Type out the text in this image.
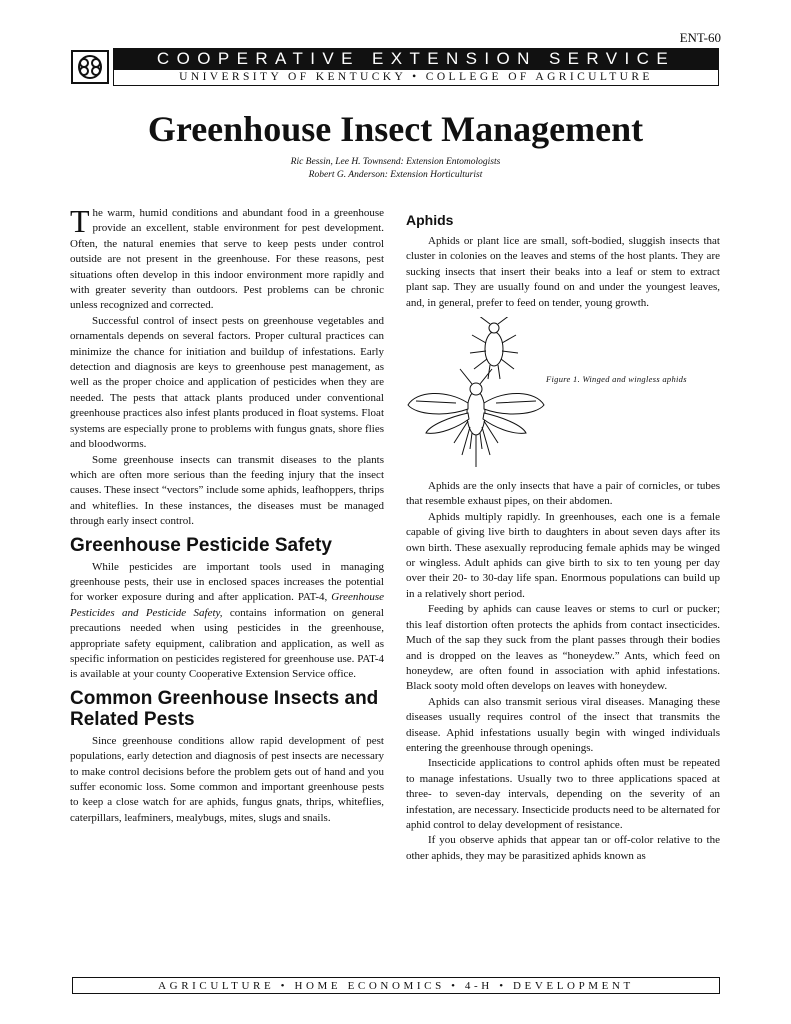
ENT-60
COOPERATIVE EXTENSION SERVICE
UNIVERSITY OF KENTUCKY • COLLEGE OF AGRICULTURE
Greenhouse Insect Management
Ric Bessin, Lee H. Townsend: Extension Entomologists
Robert G. Anderson: Extension Horticulturist

The warm, humid conditions and abundant food in a greenhouse provide an excellent, stable environment for pest development. Often, the natural enemies that serve to keep pests under control outside are not present in the greenhouse. For these reasons, pest situations often develop in this indoor environment more rapidly and with greater severity than outdoors. Pest problems can be chronic unless recognized and corrected.

Successful control of insect pests on greenhouse vegetables and ornamentals depends on several factors. Proper cultural practices can minimize the chance for initiation and buildup of infestations. Early detection and diagnosis are keys to greenhouse pest management, as well as the proper choice and application of pesticides when they are needed. The pests that attack plants produced under conventional greenhouse practices also infest plants produced in float systems. Float systems are especially prone to problems with fungus gnats, shore flies and bloodworms.

Some greenhouse insects can transmit diseases to the plants which are often more serious than the feeding injury that the insect causes. These insect “vectors” include some aphids, leafhoppers, thrips and whiteflies. In these instances, the diseases must be managed through early insect control.

Greenhouse Pesticide Safety

While pesticides are important tools used in managing greenhouse pests, their use in enclosed spaces increases the potential for worker exposure during and after application. PAT-4, Greenhouse Pesticides and Pesticide Safety, contains information on general precautions needed when using pesticides in the greenhouse, appropriate safety equipment, calibration and application, as well as specific information on pesticides registered for greenhouse use. PAT-4 is available at your county Cooperative Extension Service office.

Common Greenhouse Insects and Related Pests

Since greenhouse conditions allow rapid development of pest populations, early detection and diagnosis of pest insects are necessary to make control decisions before the problem gets out of hand and you suffer economic loss. Some common and important greenhouse pests to keep a close watch for are aphids, fungus gnats, thrips, whiteflies, caterpillars, leafminers, mealybugs, mites, slugs and snails.

Aphids

Aphids or plant lice are small, soft-bodied, sluggish insects that cluster in colonies on the leaves and stems of the host plants. They are sucking insects that insert their beaks into a leaf or stem to extract plant sap. They are usually found on and under the youngest leaves, and, in general, prefer to feed on tender, young growth.

Figure 1. Winged and wingless aphids

Aphids are the only insects that have a pair of cornicles, or tubes that resemble exhaust pipes, on their abdomen.

Aphids multiply rapidly. In greenhouses, each one is a female capable of giving live birth to daughters in about seven days after its own birth. These asexually reproducing female aphids may be winged or wingless. Adult aphids can give birth to six to ten young per day over their 20- to 30-day life span. Enormous populations can build up in a relatively short period.

Feeding by aphids can cause leaves or stems to curl or pucker; this leaf distortion often protects the aphids from contact insecticides. Much of the sap they suck from the plant passes through their bodies and is dropped on the leaves as “honeydew.” Ants, which feed on honeydew, are often found in association with aphid infestations. Black sooty mold often develops on leaves with honeydew.

Aphids can also transmit serious viral diseases. Managing these diseases usually requires control of the insect that transmits the disease. Aphid infestations usually begin with winged individuals entering the greenhouse through openings.

Insecticide applications to control aphids often must be repeated to manage infestations. Usually two to three applications spaced at three- to seven-day intervals, depending on the severity of an infestation, are necessary. Insecticide products need to be alternated for aphid control to delay development of resistance.

If you observe aphids that appear tan or off-color relative to the other aphids, they may be parasitized aphids known as

AGRICULTURE • HOME ECONOMICS • 4-H • DEVELOPMENT
